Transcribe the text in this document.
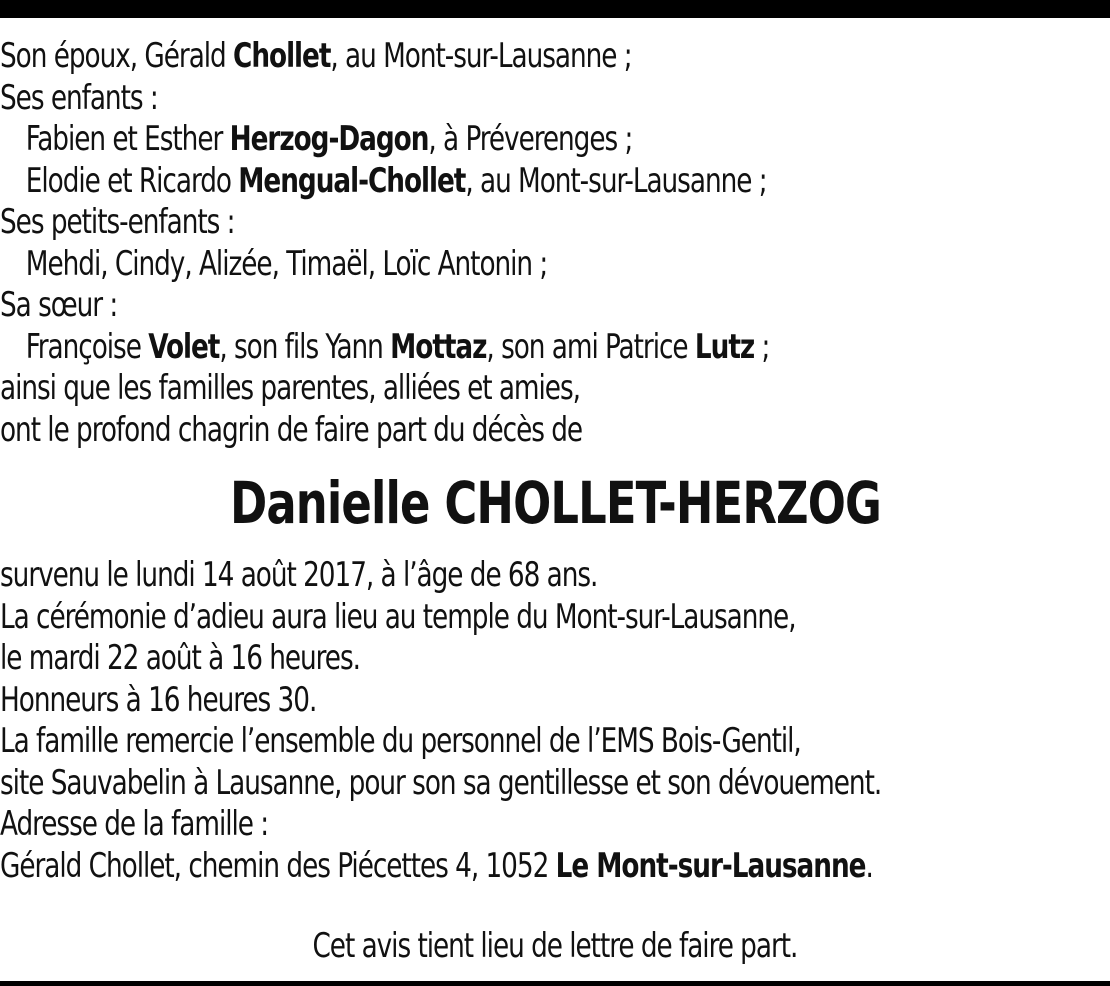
Son époux, Gérald Chollet, au Mont-sur-Lausanne ;
Ses enfants :
Fabien et Esther Herzog-Dagon, à Préverenges ;
Elodie et Ricardo Mengual-Chollet, au Mont-sur-Lausanne ;
Ses petits-enfants :
Mehdi, Cindy, Alizée, Timaël, Loïc Antonin ;
Sa sœur :
Françoise Volet, son fils Yann Mottaz, son ami Patrice Lutz ;
ainsi que les familles parentes, alliées et amies,
ont le profond chagrin de faire part du décès de
Danielle CHOLLET-HERZOG
survenu le lundi 14 août 2017, à l’âge de 68 ans.
La cérémonie d’adieu aura lieu au temple du Mont-sur-Lausanne,
le mardi 22 août à 16 heures.
Honneurs à 16 heures 30.
La famille remercie l’ensemble du personnel de l’EMS Bois-Gentil,
site Sauvabelin à Lausanne, pour son sa gentillesse et son dévouement.
Adresse de la famille :
Gérald Chollet, chemin des Piécettes 4, 1052 Le Mont-sur-Lausanne.
Cet avis tient lieu de lettre de faire part.
